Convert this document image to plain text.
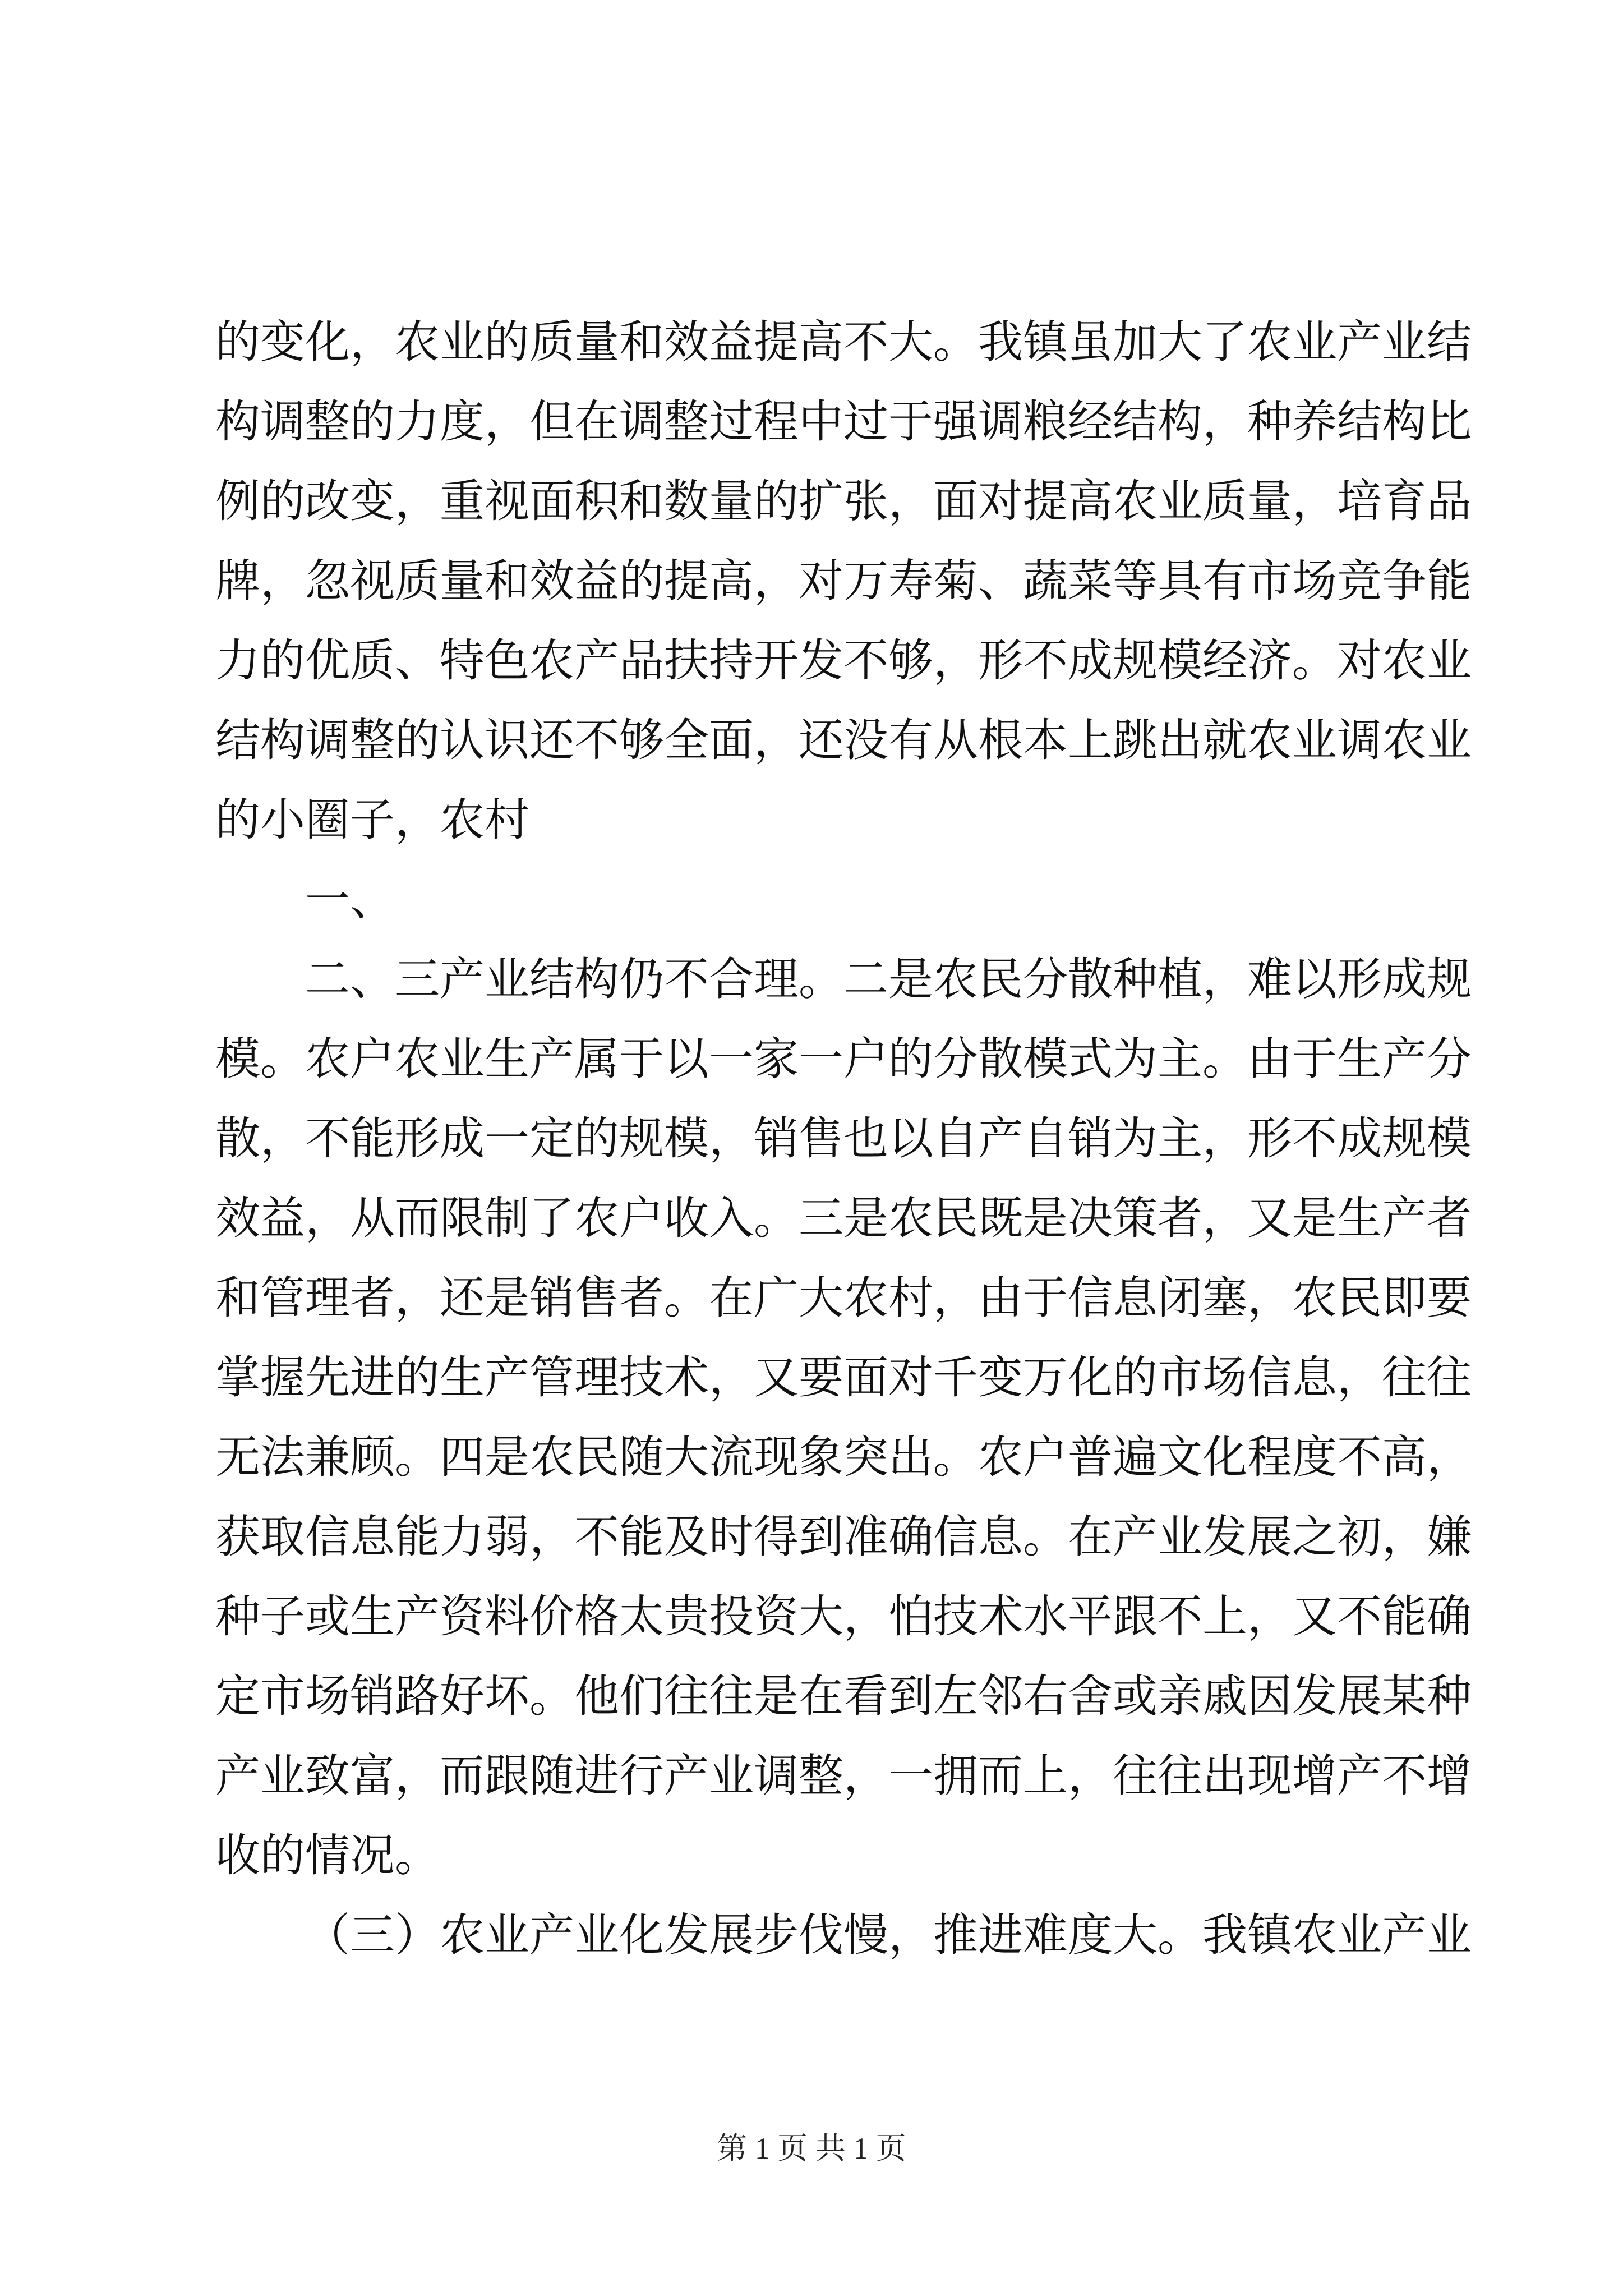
的变化，农业的质量和效益提高不大。我镇虽加大了农业产业结
构调整的力度，但在调整过程中过于强调粮经结构，种养结构比
例的改变，重视面积和数量的扩张，面对提高农业质量，培育品
牌，忽视质量和效益的提高，对万寿菊、蔬菜等具有市场竞争能
力的优质、特色农产品扶持开发不够，形不成规模经济。对农业
结构调整的认识还不够全面，还没有从根本上跳出就农业调农业
的小圈子，农村
一、
二、三产业结构仍不合理。二是农民分散种植，难以形成规
模。农户农业生产属于以一家一户的分散模式为主。由于生产分
散，不能形成一定的规模，销售也以自产自销为主，形不成规模
效益，从而限制了农户收入。三是农民既是决策者，又是生产者
和管理者，还是销售者。在广大农村，由于信息闭塞，农民即要
掌握先进的生产管理技术，又要面对千变万化的市场信息，往往
无法兼顾。四是农民随大流现象突出。农户普遍文化程度不高，
获取信息能力弱，不能及时得到准确信息。在产业发展之初，嫌
种子或生产资料价格太贵投资大，怕技术水平跟不上，又不能确
定市场销路好坏。他们往往是在看到左邻右舍或亲戚因发展某种
产业致富，而跟随进行产业调整，一拥而上，往往出现增产不增
收的情况。
（三）农业产业化发展步伐慢，推进难度大。我镇农业产业
第 1 页 共 1 页
